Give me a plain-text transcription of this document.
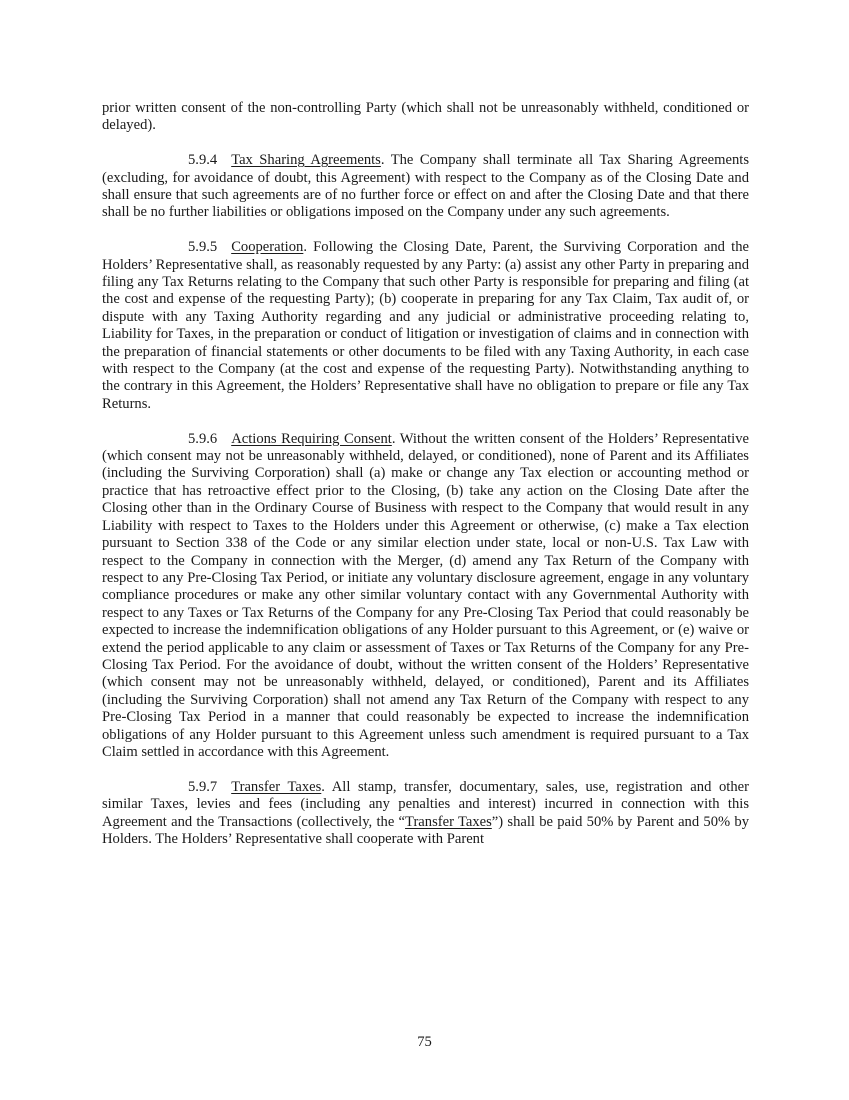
prior written consent of the non-controlling Party (which shall not be unreasonably withheld, conditioned or delayed).

5.9.4 Tax Sharing Agreements. The Company shall terminate all Tax Sharing Agreements (excluding, for avoidance of doubt, this Agreement) with respect to the Company as of the Closing Date and shall ensure that such agreements are of no further force or effect on and after the Closing Date and that there shall be no further liabilities or obligations imposed on the Company under any such agreements.

5.9.5 Cooperation. Following the Closing Date, Parent, the Surviving Corporation and the Holders’ Representative shall, as reasonably requested by any Party: (a) assist any other Party in preparing and filing any Tax Returns relating to the Company that such other Party is responsible for preparing and filing (at the cost and expense of the requesting Party); (b) cooperate in preparing for any Tax Claim, Tax audit of, or dispute with any Taxing Authority regarding and any judicial or administrative proceeding relating to, Liability for Taxes, in the preparation or conduct of litigation or investigation of claims and in connection with the preparation of financial statements or other documents to be filed with any Taxing Authority, in each case with respect to the Company (at the cost and expense of the requesting Party). Notwithstanding anything to the contrary in this Agreement, the Holders’ Representative shall have no obligation to prepare or file any Tax Returns.

5.9.6 Actions Requiring Consent. Without the written consent of the Holders’ Representative (which consent may not be unreasonably withheld, delayed, or conditioned), none of Parent and its Affiliates (including the Surviving Corporation) shall (a) make or change any Tax election or accounting method or practice that has retroactive effect prior to the Closing, (b) take any action on the Closing Date after the Closing other than in the Ordinary Course of Business with respect to the Company that would result in any Liability with respect to Taxes to the Holders under this Agreement or otherwise, (c) make a Tax election pursuant to Section 338 of the Code or any similar election under state, local or non-U.S. Tax Law with respect to the Company in connection with the Merger, (d) amend any Tax Return of the Company with respect to any Pre-Closing Tax Period, or initiate any voluntary disclosure agreement, engage in any voluntary compliance procedures or make any other similar voluntary contact with any Governmental Authority with respect to any Taxes or Tax Returns of the Company for any Pre-Closing Tax Period that could reasonably be expected to increase the indemnification obligations of any Holder pursuant to this Agreement, or (e) waive or extend the period applicable to any claim or assessment of Taxes or Tax Returns of the Company for any Pre-Closing Tax Period. For the avoidance of doubt, without the written consent of the Holders’ Representative (which consent may not be unreasonably withheld, delayed, or conditioned), Parent and its Affiliates (including the Surviving Corporation) shall not amend any Tax Return of the Company with respect to any Pre-Closing Tax Period in a manner that could reasonably be expected to increase the indemnification obligations of any Holder pursuant to this Agreement unless such amendment is required pursuant to a Tax Claim settled in accordance with this Agreement.

5.9.7 Transfer Taxes. All stamp, transfer, documentary, sales, use, registration and other similar Taxes, levies and fees (including any penalties and interest) incurred in connection with this Agreement and the Transactions (collectively, the “Transfer Taxes”) shall be paid 50% by Parent and 50% by Holders. The Holders’ Representative shall cooperate with Parent

75
